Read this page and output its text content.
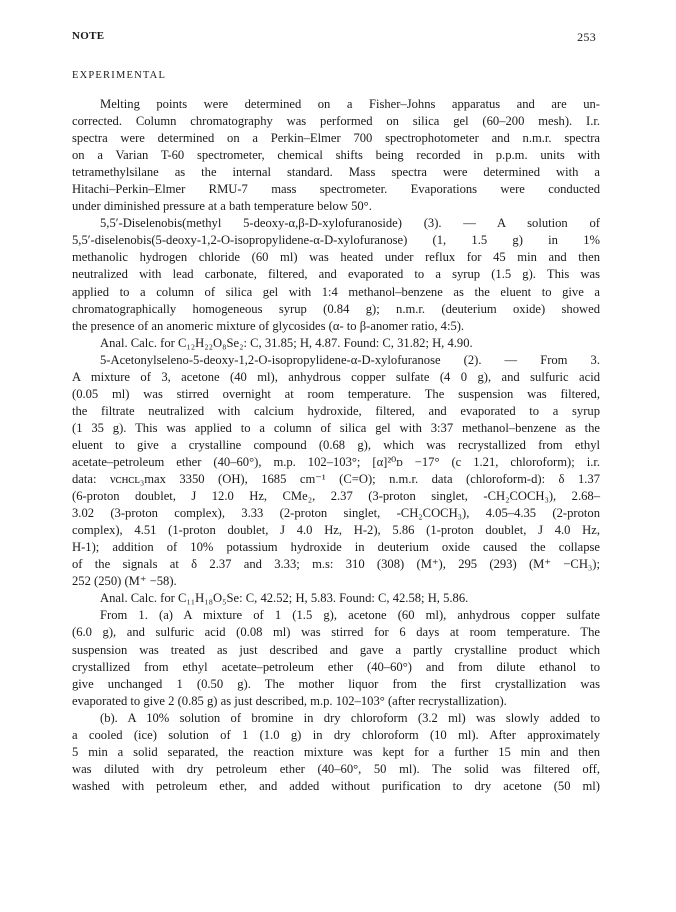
NOTE	253
EXPERIMENTAL
Melting points were determined on a Fisher–Johns apparatus and are un-
corrected. Column chromatography was performed on silica gel (60–200 mesh). I.r.
spectra were determined on a Perkin–Elmer 700 spectrophotometer and n.m.r. spectra
on a Varian T-60 spectrometer, chemical shifts being recorded in p.p.m. units with
tetramethylsilane as the internal standard. Mass spectra were determined with a
Hitachi–Perkin–Elmer RMU-7 mass spectrometer. Evaporations were conducted
under diminished pressure at a bath temperature below 50°.
5,5′-Diselenobis(methyl 5-deoxy-α,β-D-xylofuranoside) (3). — A solution of
5,5′-diselenobis(5-deoxy-1,2-O-isopropylidene-α-D-xylofuranose) (1, 1.5 g) in 1%
methanolic hydrogen chloride (60 ml) was heated under reflux for 45 min and then
neutralized with lead carbonate, filtered, and evaporated to a syrup (1.5 g). This was
applied to a column of silica gel with 1:4 methanol–benzene as the eluent to give a
chromatographically homogeneous syrup (0.84 g); n.m.r. (deuterium oxide) showed
the presence of an anomeric mixture of glycosides (α- to β-anomer ratio, 4:5).
Anal. Calc. for C₁₂H₂₂O₈Se₂: C, 31.85; H, 4.87. Found: C, 31.82; H, 4.90.
5-Acetonylseleno-5-deoxy-1,2-O-isopropylidene-α-D-xylofuranose (2). — From 3.
A mixture of 3, acetone (40 ml), anhydrous copper sulfate (4 0 g), and sulfuric acid
(0.05 ml) was stirred overnight at room temperature. The suspension was filtered,
the filtrate neutralized with calcium hydroxide, filtered, and evaporated to a syrup
(1 35 g). This was applied to a column of silica gel with 3:37 methanol–benzene as the
eluent to give a crystalline compound (0.68 g), which was recrystallized from ethyl
acetate–petroleum ether (40–60°), m.p. 102–103°; [α]²⁰ᴅ −17° (c 1.21, chloroform); i.r.
data: νᴄʜᴄʟ₃max 3350 (OH), 1685 cm⁻¹ (C=O); n.m.r. data (chloroform-d): δ 1.37
(6-proton doublet, J 12.0 Hz, CMe₂, 2.37 (3-proton singlet, -CH₂COCH₃), 2.68–
3.02 (3-proton complex), 3.33 (2-proton singlet, -CH₂COCH₃), 4.05–4.35 (2-proton
complex), 4.51 (1-proton doublet, J 4.0 Hz, H-2), 5.86 (1-proton doublet, J 4.0 Hz,
H-1); addition of 10% potassium hydroxide in deuterium oxide caused the collapse
of the signals at δ 2.37 and 3.33; m.s: 310 (308) (M⁺), 295 (293) (M⁺ −CH₃);
252 (250) (M⁺ −58).
Anal. Calc. for C₁₁H₁₈O₅Se: C, 42.52; H, 5.83. Found: C, 42.58; H, 5.86.
From 1. (a) A mixture of 1 (1.5 g), acetone (60 ml), anhydrous copper sulfate
(6.0 g), and sulfuric acid (0.08 ml) was stirred for 6 days at room temperature. The
suspension was treated as just described and gave a partly crystalline product which
crystallized from ethyl acetate–petroleum ether (40–60°) and from dilute ethanol to
give unchanged 1 (0.50 g). The mother liquor from the first crystallization was
evaporated to give 2 (0.85 g) as just described, m.p. 102–103° (after recrystallization).
(b). A 10% solution of bromine in dry chloroform (3.2 ml) was slowly added to
a cooled (ice) solution of 1 (1.0 g) in dry chloroform (10 ml). After approximately
5 min a solid separated, the reaction mixture was kept for a further 15 min and then
was diluted with dry petroleum ether (40–60°, 50 ml). The solid was filtered off,
washed with petroleum ether, and added without purification to dry acetone (50 ml)
